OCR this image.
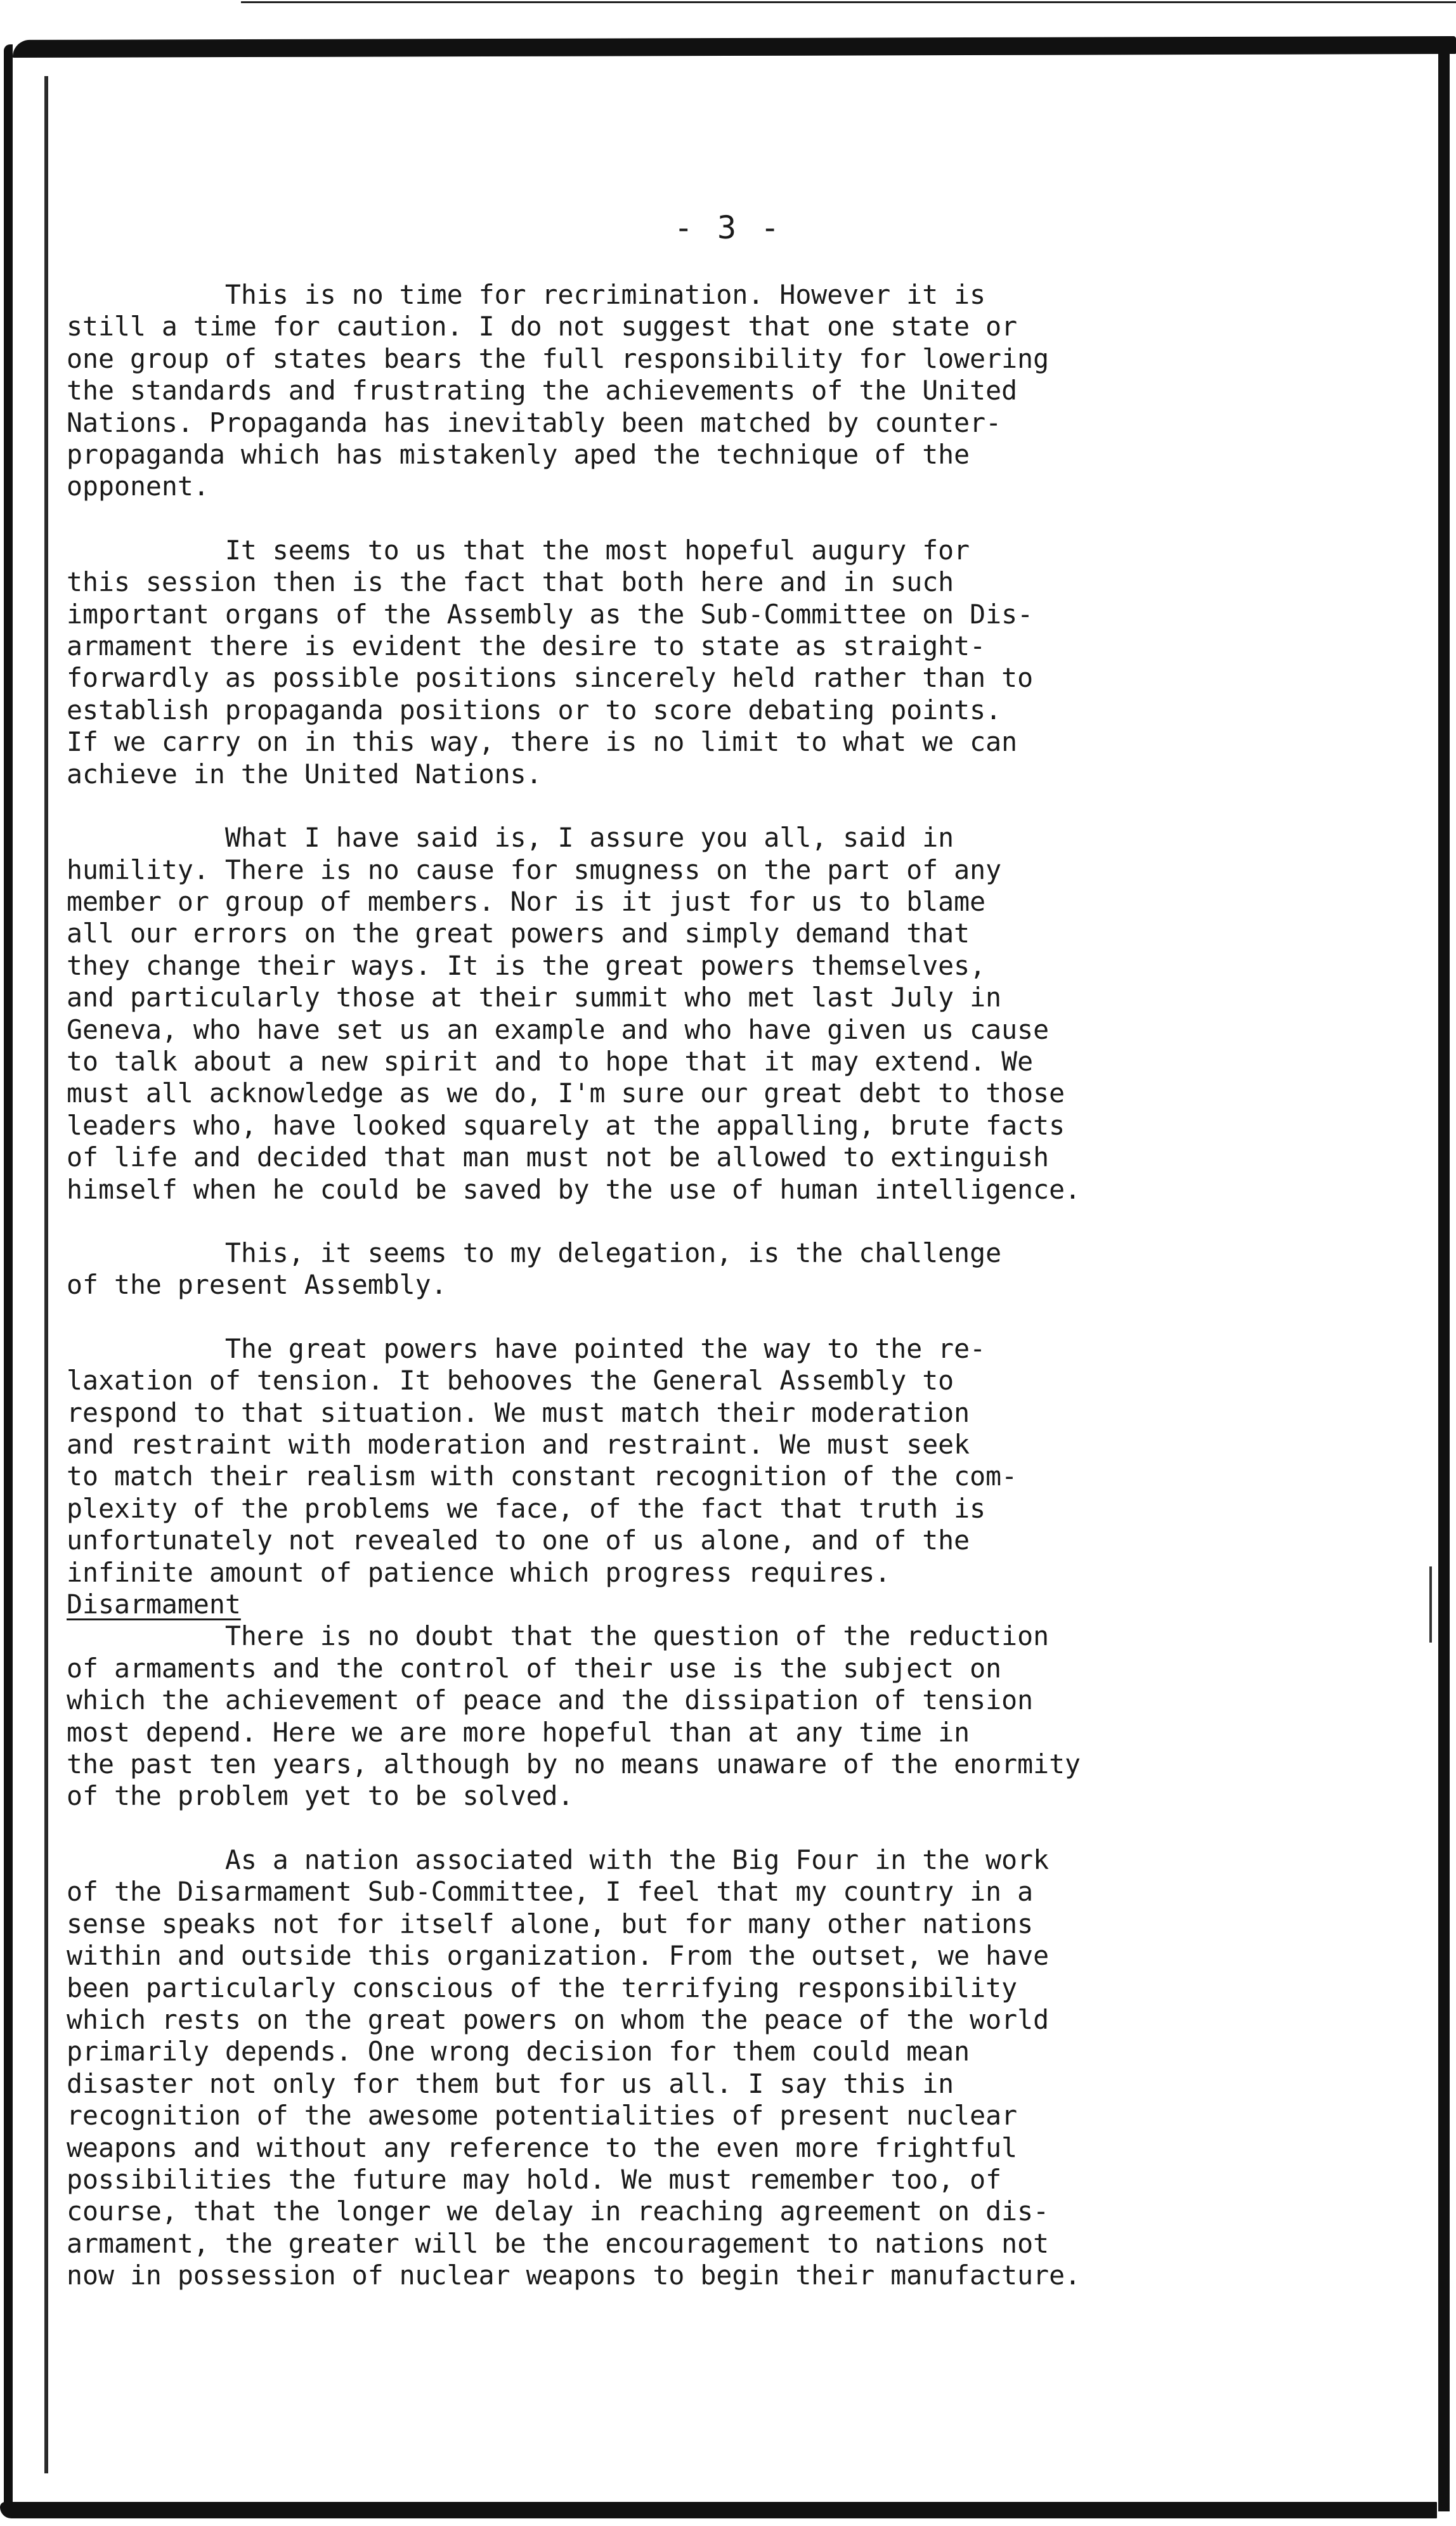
- 3 -

This is no time for recrimination. However it is
still a time for caution. I do not suggest that one state or
one group of states bears the full responsibility for lowering
the standards and frustrating the achievements of the United
Nations. Propaganda has inevitably been matched by counter-
propaganda which has mistakenly aped the technique of the
opponent.

It seems to us that the most hopeful augury for
this session then is the fact that both here and in such
important organs of the Assembly as the Sub-Committee on Dis-
armament there is evident the desire to state as straight-
forwardly as possible positions sincerely held rather than to
establish propaganda positions or to score debating points.
If we carry on in this way, there is no limit to what we can
achieve in the United Nations.

What I have said is, I assure you all, said in
humility. There is no cause for smugness on the part of any
member or group of members. Nor is it just for us to blame
all our errors on the great powers and simply demand that
they change their ways. It is the great powers themselves,
and particularly those at their summit who met last July in
Geneva, who have set us an example and who have given us cause
to talk about a new spirit and to hope that it may extend. We
must all acknowledge as we do, I'm sure our great debt to those
leaders who, have looked squarely at the appalling, brute facts
of life and decided that man must not be allowed to extinguish
himself when he could be saved by the use of human intelligence.

This, it seems to my delegation, is the challenge
of the present Assembly.

The great powers have pointed the way to the re-
laxation of tension. It behooves the General Assembly to
respond to that situation. We must match their moderation
and restraint with moderation and restraint. We must seek
to match their realism with constant recognition of the com-
plexity of the problems we face, of the fact that truth is
unfortunately not revealed to one of us alone, and of the
infinite amount of patience which progress requires.

Disarmament

There is no doubt that the question of the reduction
of armaments and the control of their use is the subject on
which the achievement of peace and the dissipation of tension
most depend. Here we are more hopeful than at any time in
the past ten years, although by no means unaware of the enormity
of the problem yet to be solved.

As a nation associated with the Big Four in the work
of the Disarmament Sub-Committee, I feel that my country in a
sense speaks not for itself alone, but for many other nations
within and outside this organization. From the outset, we have
been particularly conscious of the terrifying responsibility
which rests on the great powers on whom the peace of the world
primarily depends. One wrong decision for them could mean
disaster not only for them but for us all. I say this in
recognition of the awesome potentialities of present nuclear
weapons and without any reference to the even more frightful
possibilities the future may hold. We must remember too, of
course, that the longer we delay in reaching agreement on dis-
armament, the greater will be the encouragement to nations not
now in possession of nuclear weapons to begin their manufacture.
